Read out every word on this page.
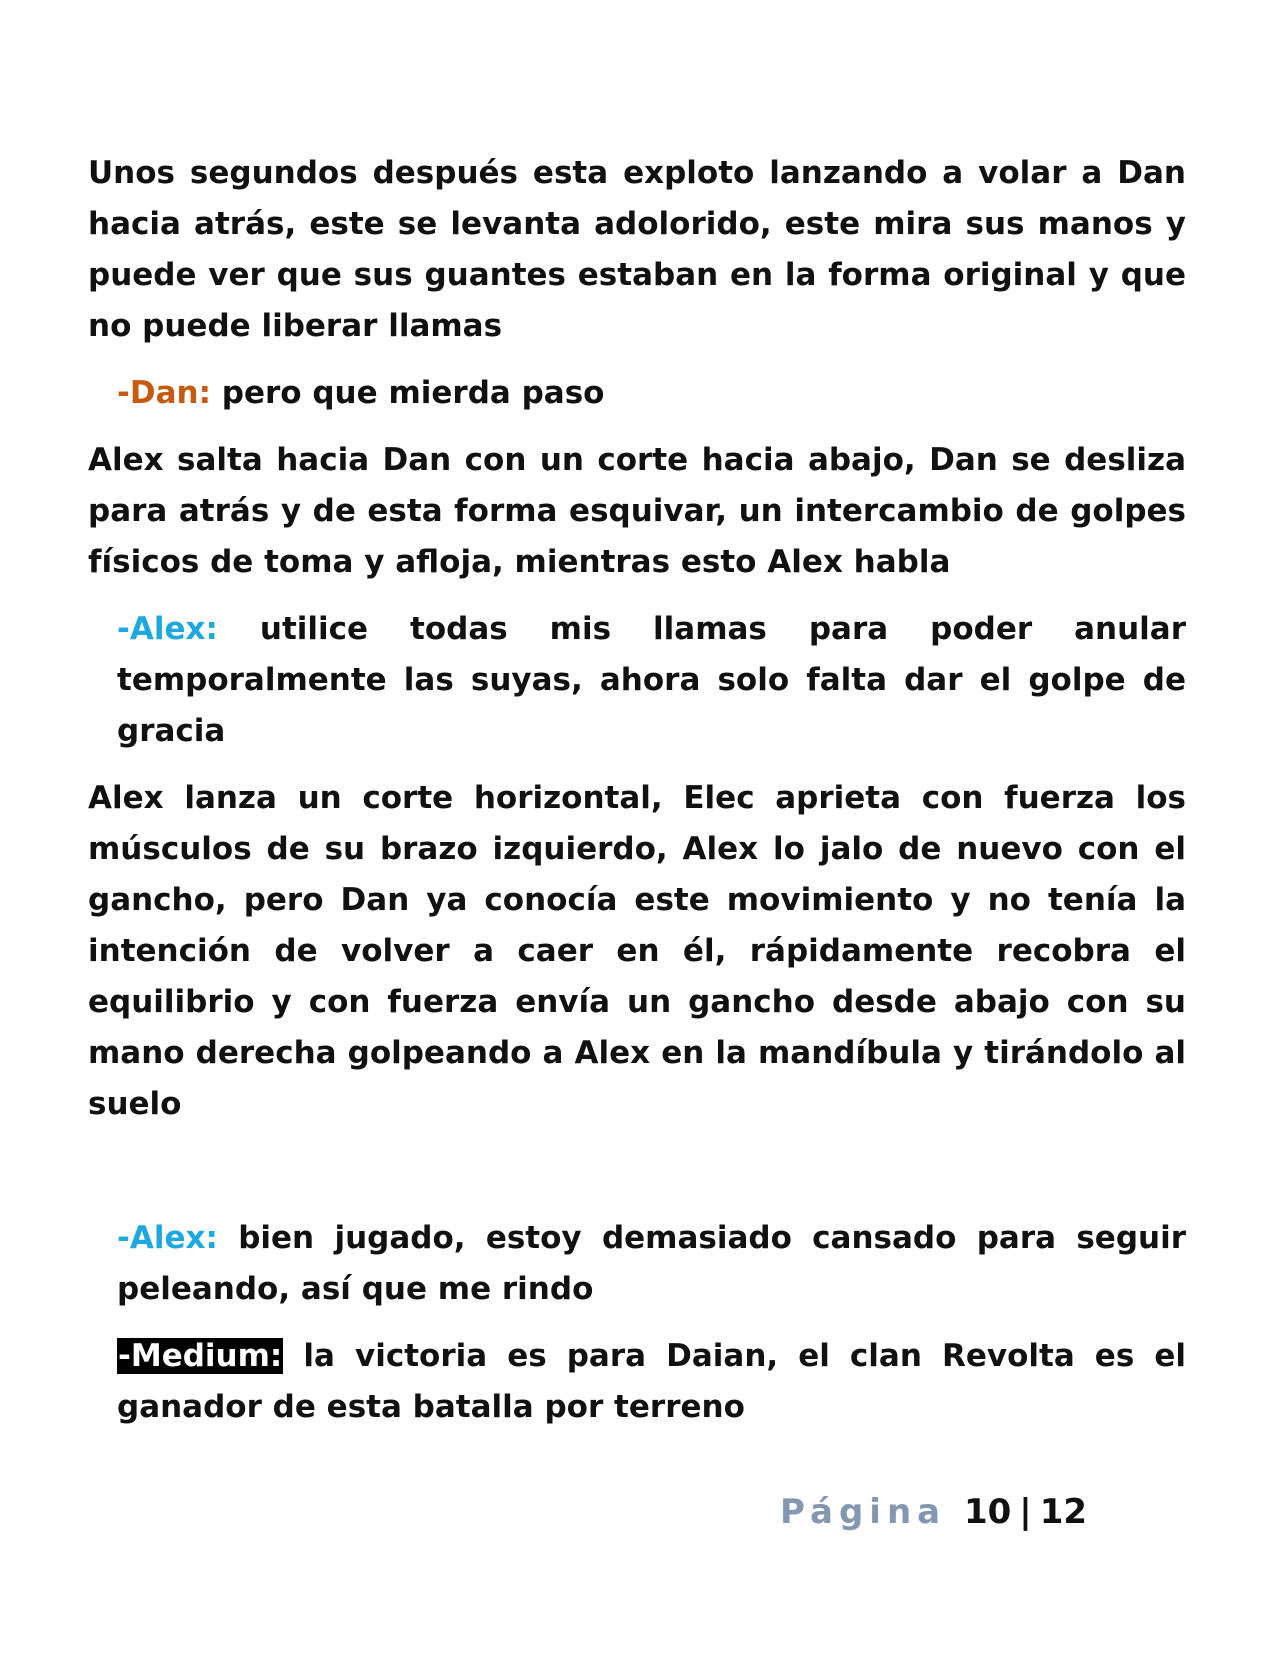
Unos segundos después esta exploto lanzando a volar a Dan hacia atrás, este se levanta adolorido, este mira sus manos y puede ver que sus guantes estaban en la forma original y que no puede liberar llamas

-Dan: pero que mierda paso

Alex salta hacia Dan con un corte hacia abajo, Dan se desliza para atrás y de esta forma esquivar, un intercambio de golpes físicos de toma y afloja, mientras esto Alex habla

-Alex: utilice todas mis llamas para poder anular temporalmente las suyas, ahora solo falta dar el golpe de gracia

Alex lanza un corte horizontal, Elec aprieta con fuerza los músculos de su brazo izquierdo, Alex lo jalo de nuevo con el gancho, pero Dan ya conocía este movimiento y no tenía la intención de volver a caer en él, rápidamente recobra el equilibrio y con fuerza envía un gancho desde abajo con su mano derecha golpeando a Alex en la mandíbula y tirándolo al suelo

-Alex: bien jugado, estoy demasiado cansado para seguir peleando, así que me rindo

-Medium: la victoria es para Daian, el clan Revolta es el ganador de esta batalla por terreno

Página 10 | 12
